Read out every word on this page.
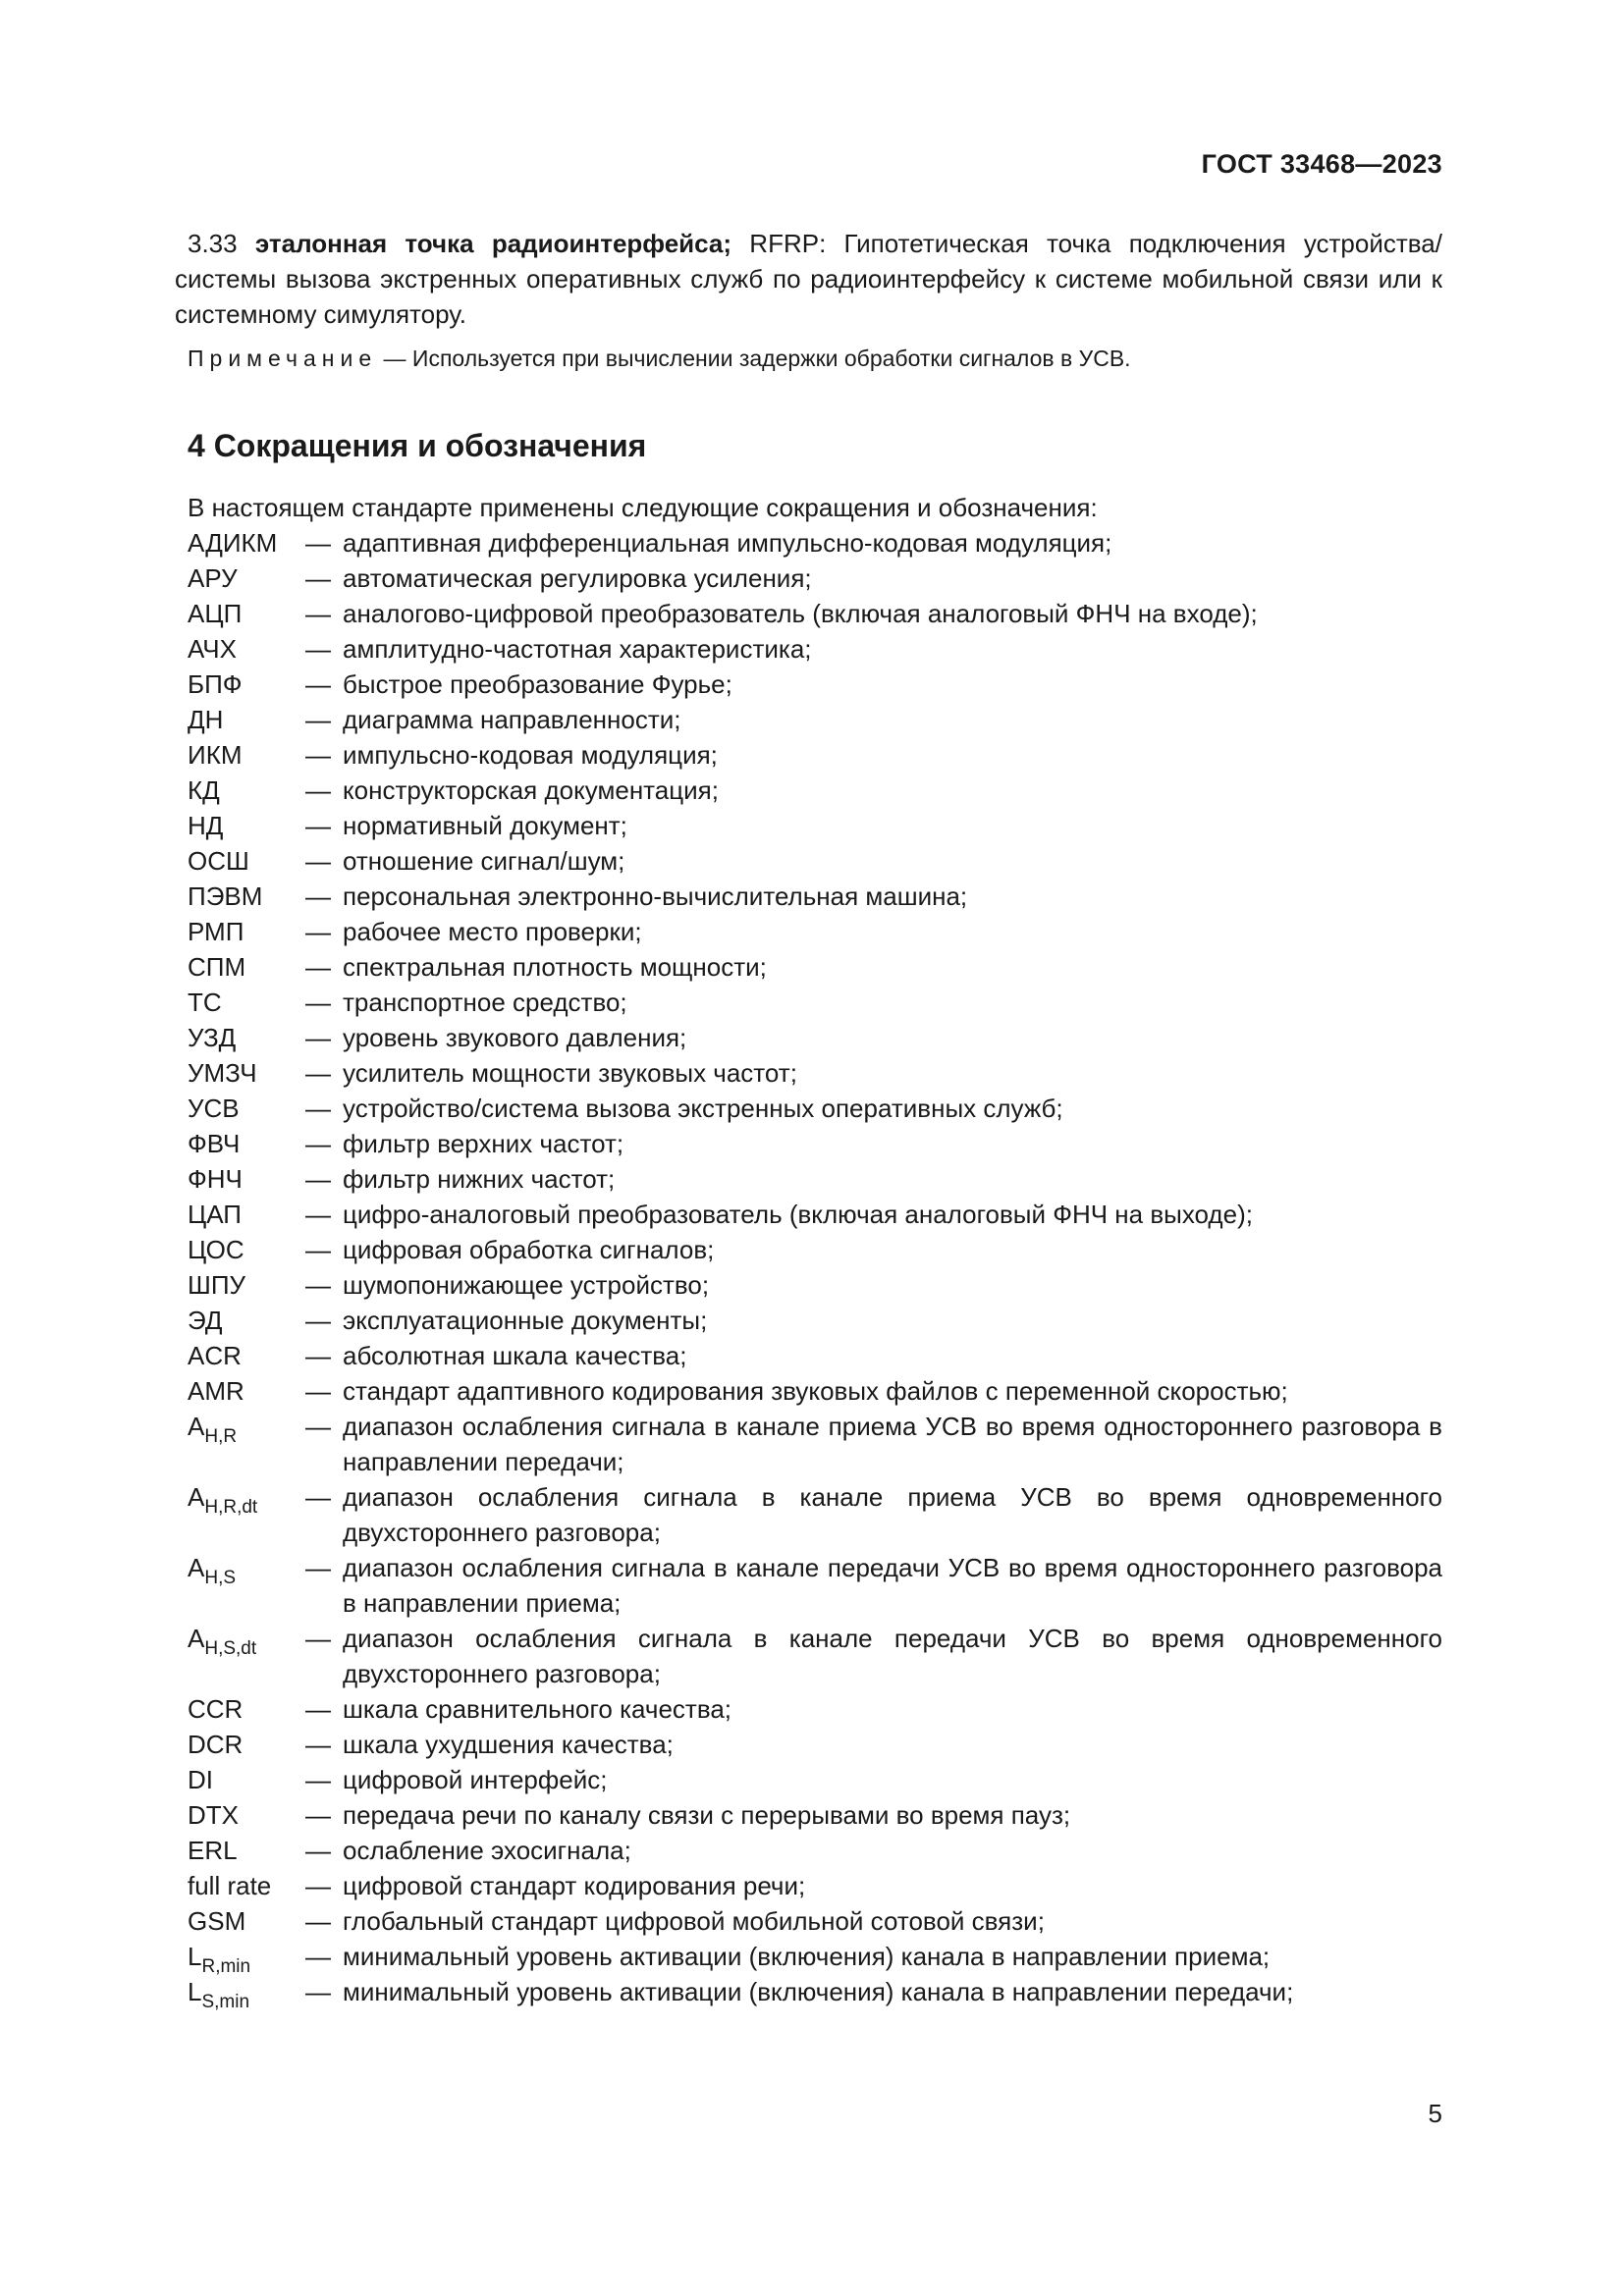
ГОСТ 33468—2023
3.33 эталонная точка радиоинтерфейса; RFRP: Гипотетическая точка подключения устройства/системы вызова экстренных оперативных служб по радиоинтерфейсу к системе мобильной связи или к системному симулятору.
Примечание — Используется при вычислении задержки обработки сигналов в УСВ.
4 Сокращения и обозначения
В настоящем стандарте применены следующие сокращения и обозначения:
АДИКМ	— адаптивная дифференциальная импульсно-кодовая модуляция;
АРУ	— автоматическая регулировка усиления;
АЦП	— аналогово-цифровой преобразователь (включая аналоговый ФНЧ на входе);
АЧХ	— амплитудно-частотная характеристика;
БПФ	— быстрое преобразование Фурье;
ДН	— диаграмма направленности;
ИКМ	— импульсно-кодовая модуляция;
КД	— конструкторская документация;
НД	— нормативный документ;
ОСШ	— отношение сигнал/шум;
ПЭВМ	— персональная электронно-вычислительная машина;
РМП	— рабочее место проверки;
СПМ	— спектральная плотность мощности;
ТС	— транспортное средство;
УЗД	— уровень звукового давления;
УМЗЧ	— усилитель мощности звуковых частот;
УСВ	— устройство/система вызова экстренных оперативных служб;
ФВЧ	— фильтр верхних частот;
ФНЧ	— фильтр нижних частот;
ЦАП	— цифро-аналоговый преобразователь (включая аналоговый ФНЧ на выходе);
ЦОС	— цифровая обработка сигналов;
ШПУ	— шумопонижающее устройство;
ЭД	— эксплуатационные документы;
ACR	— абсолютная шкала качества;
AMR	— стандарт адаптивного кодирования звуковых файлов с переменной скоростью;
$A_{H,R}$	— диапазон ослабления сигнала в канале приема УСВ во время одностороннего разговора в направлении передачи;
$A_{H,R,dt}$	— диапазон ослабления сигнала в канале приема УСВ во время одновременного двухстороннего разговора;
$A_{H,S}$	— диапазон ослабления сигнала в канале передачи УСВ во время одностороннего разговора в направлении приема;
$A_{H,S,dt}$	— диапазон ослабления сигнала в канале передачи УСВ во время одновременного двухстороннего разговора;
CCR	— шкала сравнительного качества;
DCR	— шкала ухудшения качества;
DI	— цифровой интерфейс;
DTX	— передача речи по каналу связи с перерывами во время пауз;
ERL	— ослабление эхосигнала;
full rate	— цифровой стандарт кодирования речи;
GSM	— глобальный стандарт цифровой мобильной сотовой связи;
$L_{R,min}$	— минимальный уровень активации (включения) канала в направлении приема;
$L_{S,min}$	— минимальный уровень активации (включения) канала в направлении передачи;
5
